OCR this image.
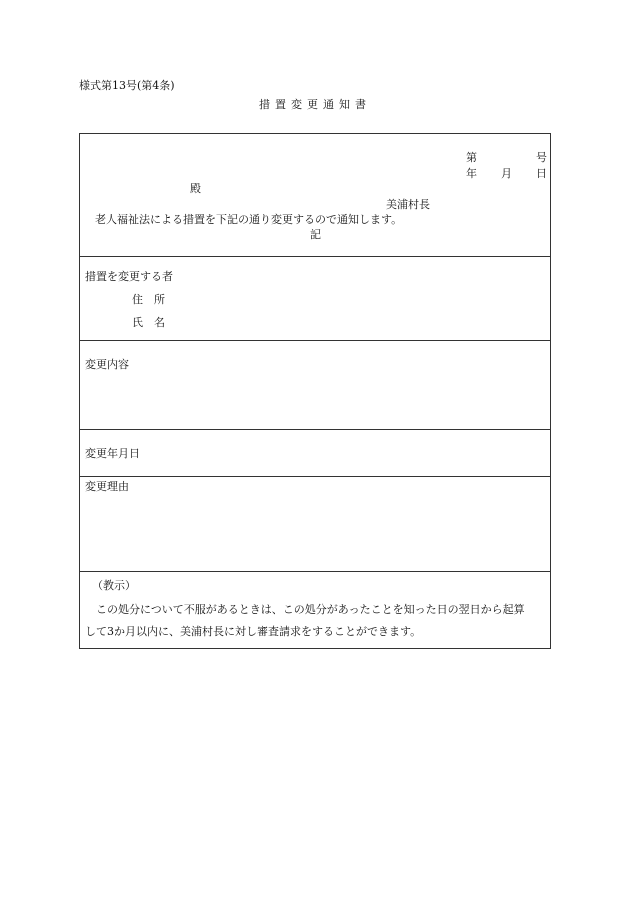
様式第13号(第4条)
措置変更通知書
第	号
年 月 日
殿
美浦村長
老人福祉法による措置を下記の通り変更するので通知します。
記
措置を変更する者
住　所
氏　名
変更内容
変更年月日
変更理由
（教示）
この処分について不服があるときは、この処分があったことを知った日の翌日から起算
して3か月以内に、美浦村長に対し審査請求をすることができます。
